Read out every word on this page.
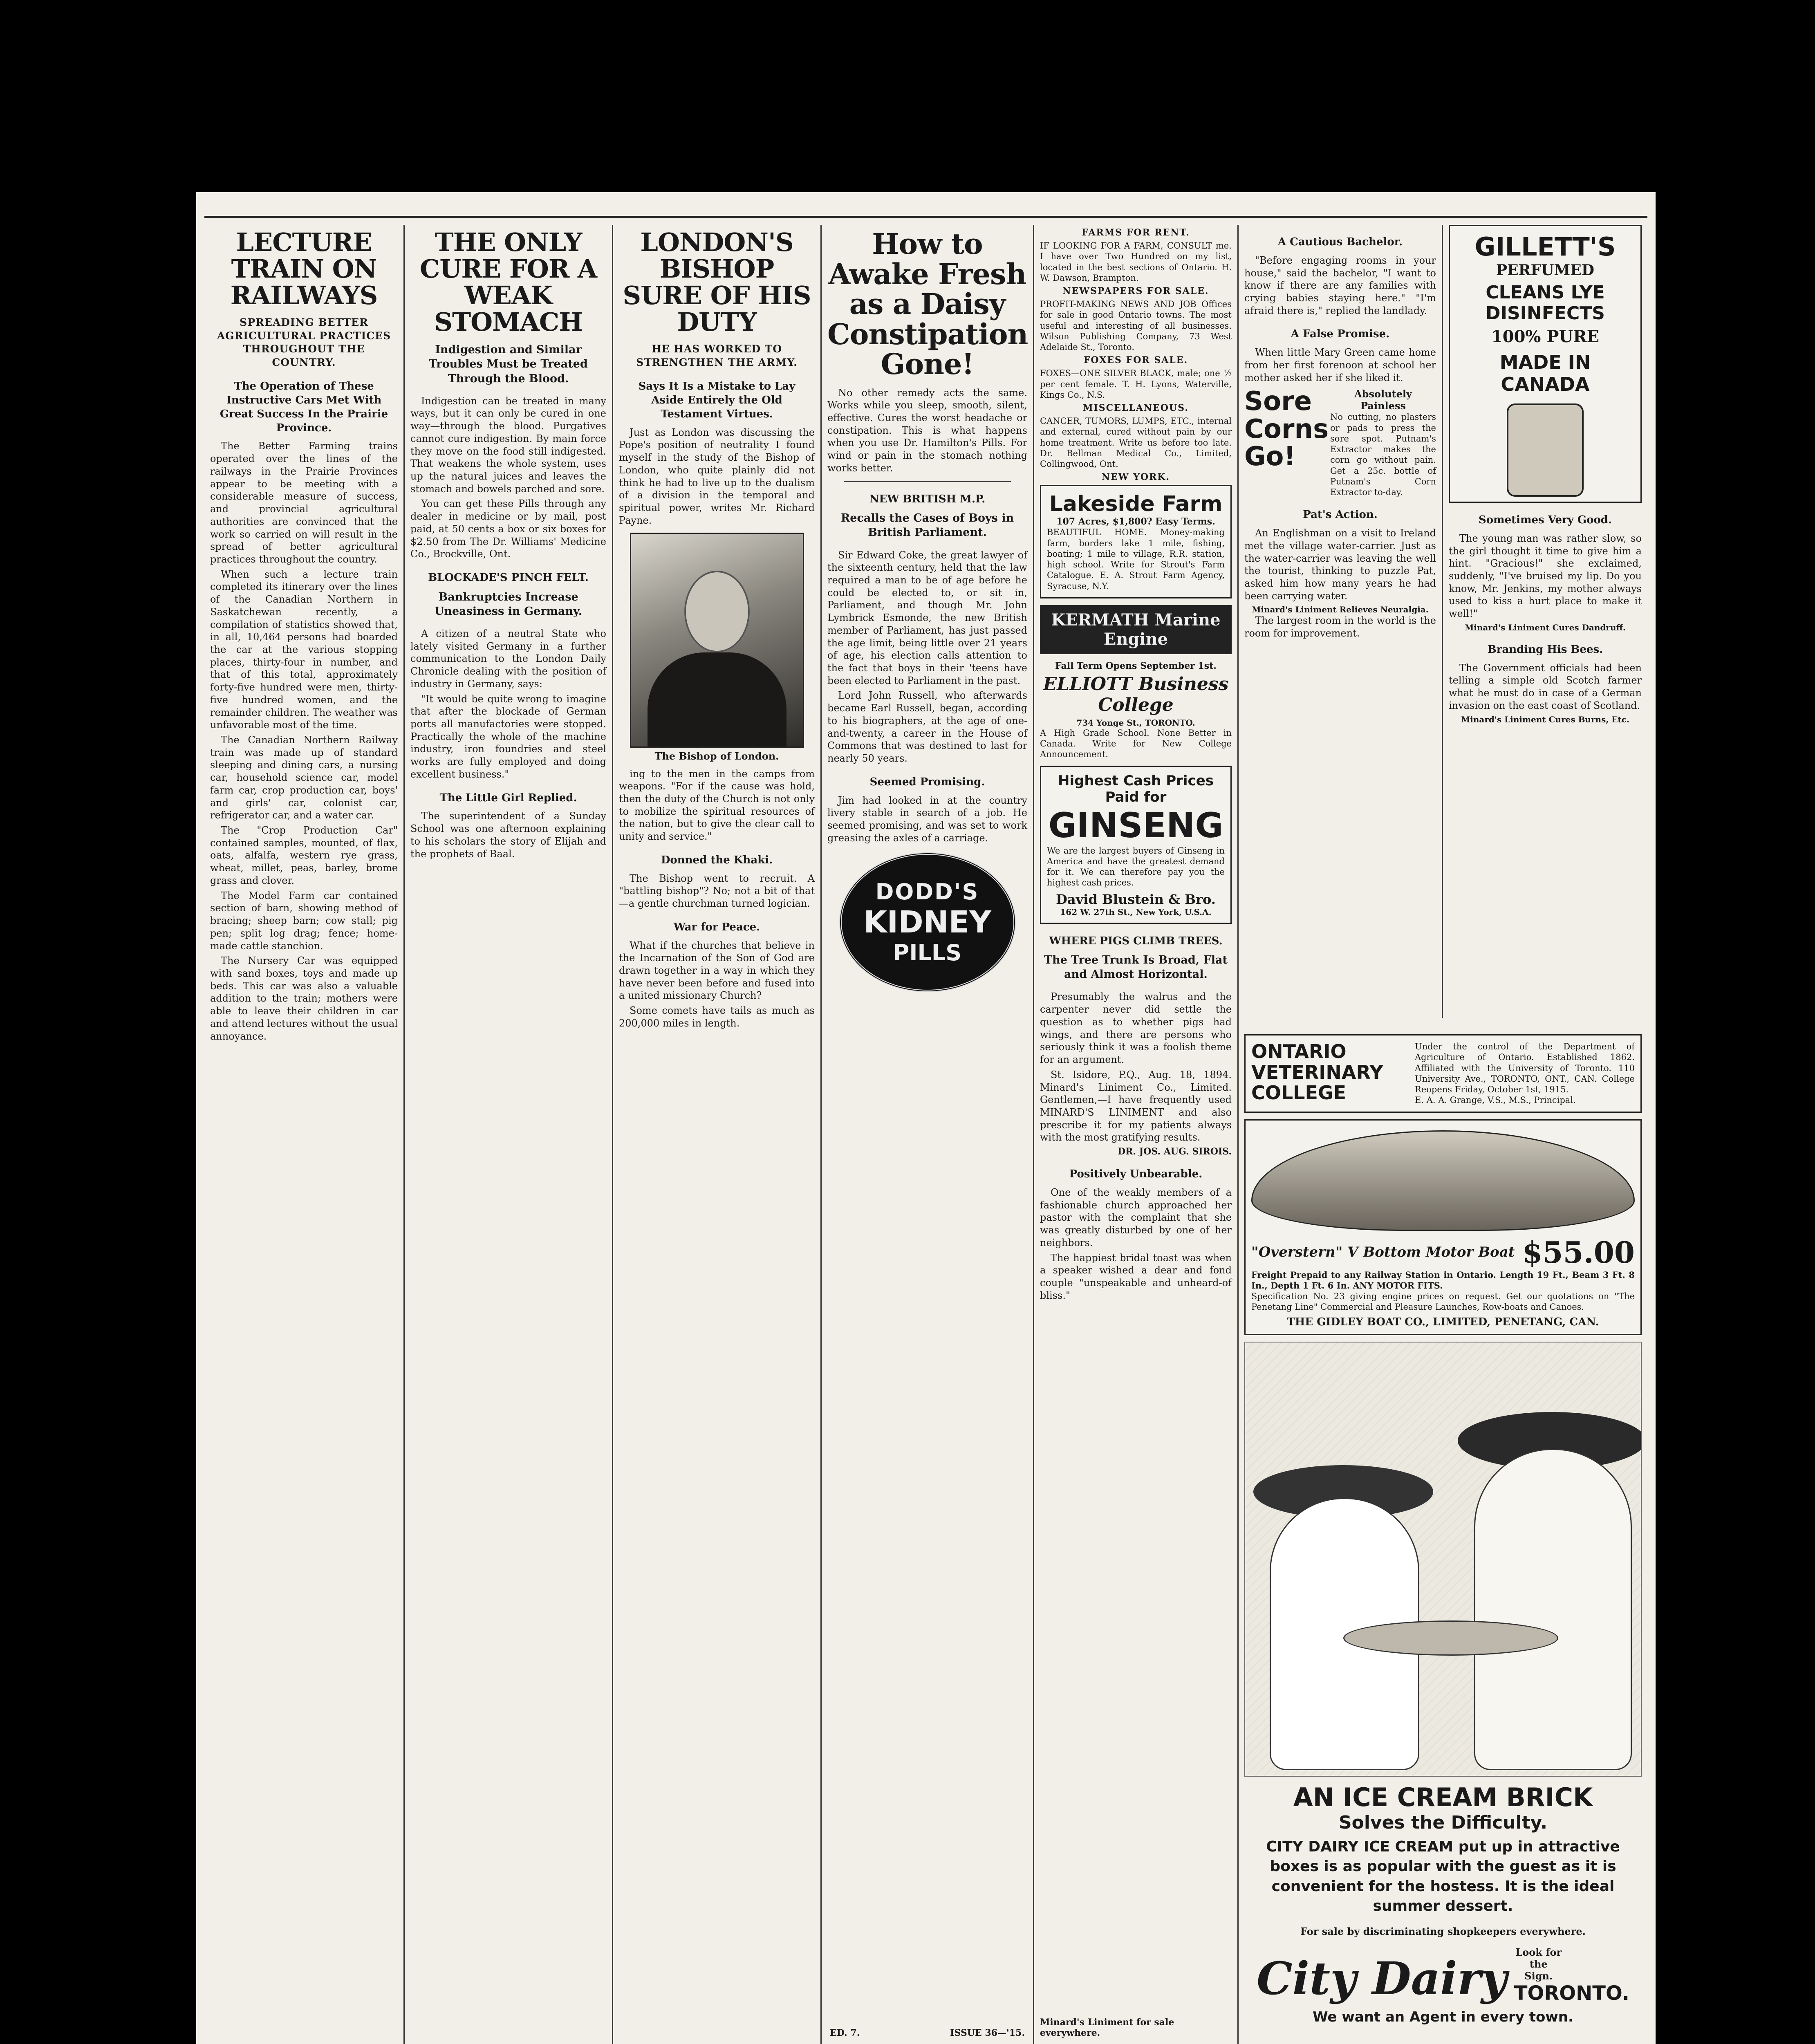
LECTURE TRAIN ON RAILWAYS
SPREADING BETTER AGRICULTURAL PRACTICES THROUGHOUT THE COUNTRY.
The Operation of These Instructive Cars Met With Great Success In the Prairie Province.

The Better Farming trains operated over the lines of the railways in the Prairie Provinces appear to be meeting with a considerable measure of success, and provincial agricultural authorities are convinced that the work so carried on will result in the spread of better agricultural practices throughout the country.

When such a lecture train completed its itinerary over the lines of the Canadian Northern in Saskatchewan recently, a compilation of statistics showed that, in all, 10,464 persons had boarded the car at the various stopping places, thirty-four in number, and that of this total, approximately forty-five hundred were men, thirty-five hundred women, and the remainder children. The weather was unfavorable most of the time.

The Canadian Northern Railway train was made up of standard sleeping and dining cars, a nursing car, household science car, model farm car, crop production car, boys' and girls' car, colonist car, refrigerator car, and a water car.

The "Crop Production Car" contained samples, mounted, of flax, oats, alfalfa, western rye grass, wheat, millet, peas, barley, brome grass and clover.

The Model Farm car contained section of barn, showing method of bracing; sheep barn; cow stall; pig pen; split log drag; fence; home-made cattle stanchion.

The Nursery Car was equipped with sand boxes, toys and made up beds. This car was also a valuable addition to the train; mothers were able to leave their children in car and attend lectures without the usual annoyance.

THE ONLY CURE FOR A WEAK STOMACH
Indigestion and Similar Troubles Must be Treated Through the Blood.

Indigestion can be treated in many ways, but it can only be cured in one way—through the blood. Purgatives cannot cure indigestion. By main force they move on the food still indigested. That weakens the whole system, uses up the natural juices and leaves the stomach and bowels parched and sore.

You can get these Pills through any dealer in medicine or by mail, post paid, at 50 cents a box or six boxes for $2.50 from The Dr. Williams' Medicine Co., Brockville, Ont.

BLOCKADE'S PINCH FELT.
Bankruptcies Increase Uneasiness in Germany.

A citizen of a neutral State who lately visited Germany in a further communication to the London Daily Chronicle dealing with the position of industry in Germany, says:

"It would be quite wrong to imagine that after the blockade of German ports all manufactories were stopped. Practically the whole of the machine industry, iron foundries and steel works are fully employed and doing excellent business."

The Little Girl Replied.

The superintendent of a Sunday School was one afternoon explaining to his scholars the story of Elijah and the prophets of Baal.

LONDON'S BISHOP SURE OF HIS DUTY
HE HAS WORKED TO STRENGTHEN THE ARMY.
Says It Is a Mistake to Lay Aside Entirely the Old Testament Virtues.

Just as London was discussing the Pope's position of neutrality I found myself in the study of the Bishop of London, who quite plainly did not think he had to live up to the dualism of a division in the temporal and spiritual power, writes Mr. Richard Payne.

The Bishop of London.

ing to the men in the camps from weapons. "For if the cause was hold, then the duty of the Church is not only to mobilize the spiritual resources of the nation, but to give the clear call to unity and service."

Donned the Khaki.

The Bishop went to recruit. A "battling bishop"? No; not a bit of that—a gentle churchman turned logician.

War for Peace.

What if the churches that believe in the Incarnation of the Son of God are drawn together in a way in which they have never been before and fused into a united missionary Church?

Some comets have tails as much as 200,000 miles in length.

How to Awake Fresh as a Daisy Constipation Gone!

No other remedy acts the same. Works while you sleep, smooth, silent, effective. Cures the worst headache or constipation. This is what happens when you use Dr. Hamilton's Pills. For wind or pain in the stomach nothing works better.

NEW BRITISH M.P.
Recalls the Cases of Boys in British Parliament.

Sir Edward Coke, the great lawyer of the sixteenth century, held that the law required a man to be of age before he could be elected to, or sit in, Parliament, and though Mr. John Lymbrick Esmonde, the new British member of Parliament, has just passed the age limit, being little over 21 years of age, his election calls attention to the fact that boys in their 'teens have been elected to Parliament in the past.

Lord John Russell, who afterwards became Earl Russell, began, according to his biographers, at the age of one-and-twenty, a career in the House of Commons that was destined to last for nearly 50 years.

Seemed Promising.

Jim had looked in at the country livery stable in search of a job. He seemed promising, and was set to work greasing the axles of a carriage.

DODD'S
KIDNEY
PILLS
ED. 7.	ISSUE 36—'15.
FARMS FOR RENT.
IF LOOKING FOR A FARM, CONSULT me. I have over Two Hundred on my list, located in the best sections of Ontario. H. W. Dawson, Brampton.
NEWSPAPERS FOR SALE.
PROFIT-MAKING NEWS AND JOB Offices for sale in good Ontario towns. The most useful and interesting of all businesses. Wilson Publishing Company, 73 West Adelaide St., Toronto.
FOXES FOR SALE.
FOXES—ONE SILVER BLACK, male; one ½ per cent female. T. H. Lyons, Waterville, Kings Co., N.S.
MISCELLANEOUS.
CANCER, TUMORS, LUMPS, ETC., internal and external, cured without pain by our home treatment. Write us before too late. Dr. Bellman Medical Co., Limited, Collingwood, Ont.
NEW YORK.
Lakeside Farm
107 Acres, $1,800? Easy Terms.
BEAUTIFUL HOME. Money-making farm, borders lake 1 mile, fishing, boating; 1 mile to village, R.R. station, high school. Write for Strout's Farm Catalogue. E. A. Strout Farm Agency, Syracuse, N.Y.
KERMATH Marine Engine
Fall Term Opens September 1st.
ELLIOTT Business College
734 Yonge St., TORONTO.
A High Grade School. None Better in Canada. Write for New College Announcement.
Highest Cash Prices Paid for
GINSENG
We are the largest buyers of Ginseng in America and have the greatest demand for it. We can therefore pay you the highest cash prices.
David Blustein & Bro.
162 W. 27th St., New York, U.S.A.
WHERE PIGS CLIMB TREES.
The Tree Trunk Is Broad, Flat and Almost Horizontal.

Presumably the walrus and the carpenter never did settle the question as to whether pigs had wings, and there are persons who seriously think it was a foolish theme for an argument.

St. Isidore, P.Q., Aug. 18, 1894. Minard's Liniment Co., Limited. Gentlemen,—I have frequently used MINARD'S LINIMENT and also prescribe it for my patients always with the most gratifying results.

DR. JOS. AUG. SIROIS.
Positively Unbearable.

One of the weakly members of a fashionable church approached her pastor with the complaint that she was greatly disturbed by one of her neighbors.

The happiest bridal toast was when a speaker wished a dear and fond couple "unspeakable and unheard-of bliss."

Minard's Liniment for sale everywhere.
A Cautious Bachelor.

"Before engaging rooms in your house," said the bachelor, "I want to know if there are any families with crying babies staying here." "I'm afraid there is," replied the landlady.

A False Promise.

When little Mary Green came home from her first forenoon at school her mother asked her if she liked it.

Sore Corns Go!
Absolutely Painless
No cutting, no plasters or pads to press the sore spot. Putnam's Extractor makes the corn go without pain. Get a 25c. bottle of Putnam's Corn Extractor to-day.
Pat's Action.

An Englishman on a visit to Ireland met the village water-carrier. Just as the water-carrier was leaving the well the tourist, thinking to puzzle Pat, asked him how many years he had been carrying water.

Minard's Liniment Relieves Neuralgia.

The largest room in the world is the room for improvement.

GILLETT'S
PERFUMED
CLEANS LYE DISINFECTS
100% PURE
MADE IN CANADA
Sometimes Very Good.

The young man was rather slow, so the girl thought it time to give him a hint. "Gracious!" she exclaimed, suddenly, "I've bruised my lip. Do you know, Mr. Jenkins, my mother always used to kiss a hurt place to make it well!"

Minard's Liniment Cures Dandruff.
Branding His Bees.

The Government officials had been telling a simple old Scotch farmer what he must do in case of a German invasion on the east coast of Scotland.

Minard's Liniment Cures Burns, Etc.
ONTARIO VETERINARY COLLEGE
Under the control of the Department of Agriculture of Ontario. Established 1862. Affiliated with the University of Toronto. 110 University Ave., TORONTO, ONT., CAN. College Reopens Friday, October 1st, 1915.
E. A. A. Grange, V.S., M.S., Principal.
"Overstern" V Bottom Motor Boat $55.00
Freight Prepaid to any Railway Station in Ontario. Length 19 Ft., Beam 3 Ft. 8 In., Depth 1 Ft. 6 In. ANY MOTOR FITS.
Specification No. 23 giving engine prices on request. Get our quotations on "The Penetang Line" Commercial and Pleasure Launches, Row-boats and Canoes.
THE GIDLEY BOAT CO., LIMITED, PENETANG, CAN.
AN ICE CREAM BRICK
Solves the Difficulty.
CITY DAIRY ICE CREAM put up in attractive boxes is as popular with the guest as it is convenient for the hostess. It is the ideal summer dessert.
For sale by discriminating shopkeepers everywhere.
City Dairy Look for the Sign.
TORONTO.
We want an Agent in every town.
